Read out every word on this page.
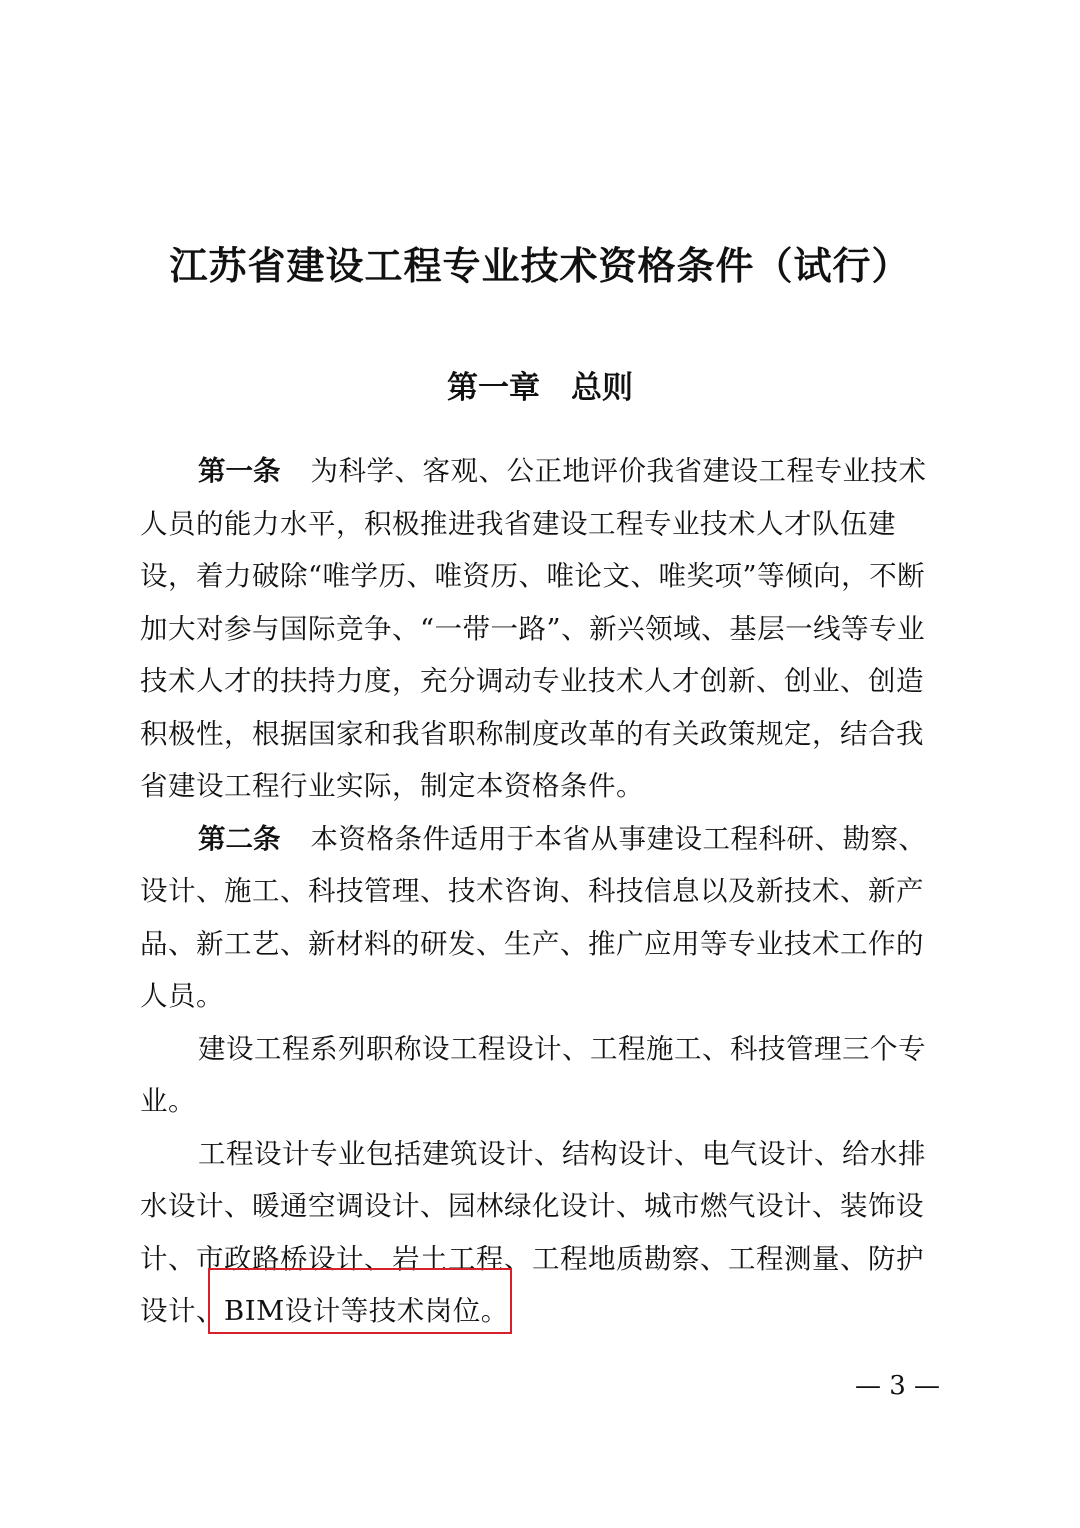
江苏省建设工程专业技术资格条件（试行）
第一章　总则
第一条 为科学、客观、公正地评价我省建设工程专业技术
人员的能力水平，积极推进我省建设工程专业技术人才队伍建
设，着力破除“唯学历、唯资历、唯论文、唯奖项”等倾向，不断
加大对参与国际竞争、“一带一路”、新兴领域、基层一线等专业
技术人才的扶持力度，充分调动专业技术人才创新、创业、创造
积极性，根据国家和我省职称制度改革的有关政策规定，结合我
省建设工程行业实际，制定本资格条件。
第二条 本资格条件适用于本省从事建设工程科研、勘察、
设计、施工、科技管理、技术咨询、科技信息以及新技术、新产
品、新工艺、新材料的研发、生产、推广应用等专业技术工作的
人员。
建设工程系列职称设工程设计、工程施工、科技管理三个专
业。
工程设计专业包括建筑设计、结构设计、电气设计、给水排
水设计、暖通空调设计、园林绿化设计、城市燃气设计、装饰设
计、市政路桥设计、岩土工程、工程地质勘察、工程测量、防护
设计、
BIM设计等技术岗位。
— 3 —
